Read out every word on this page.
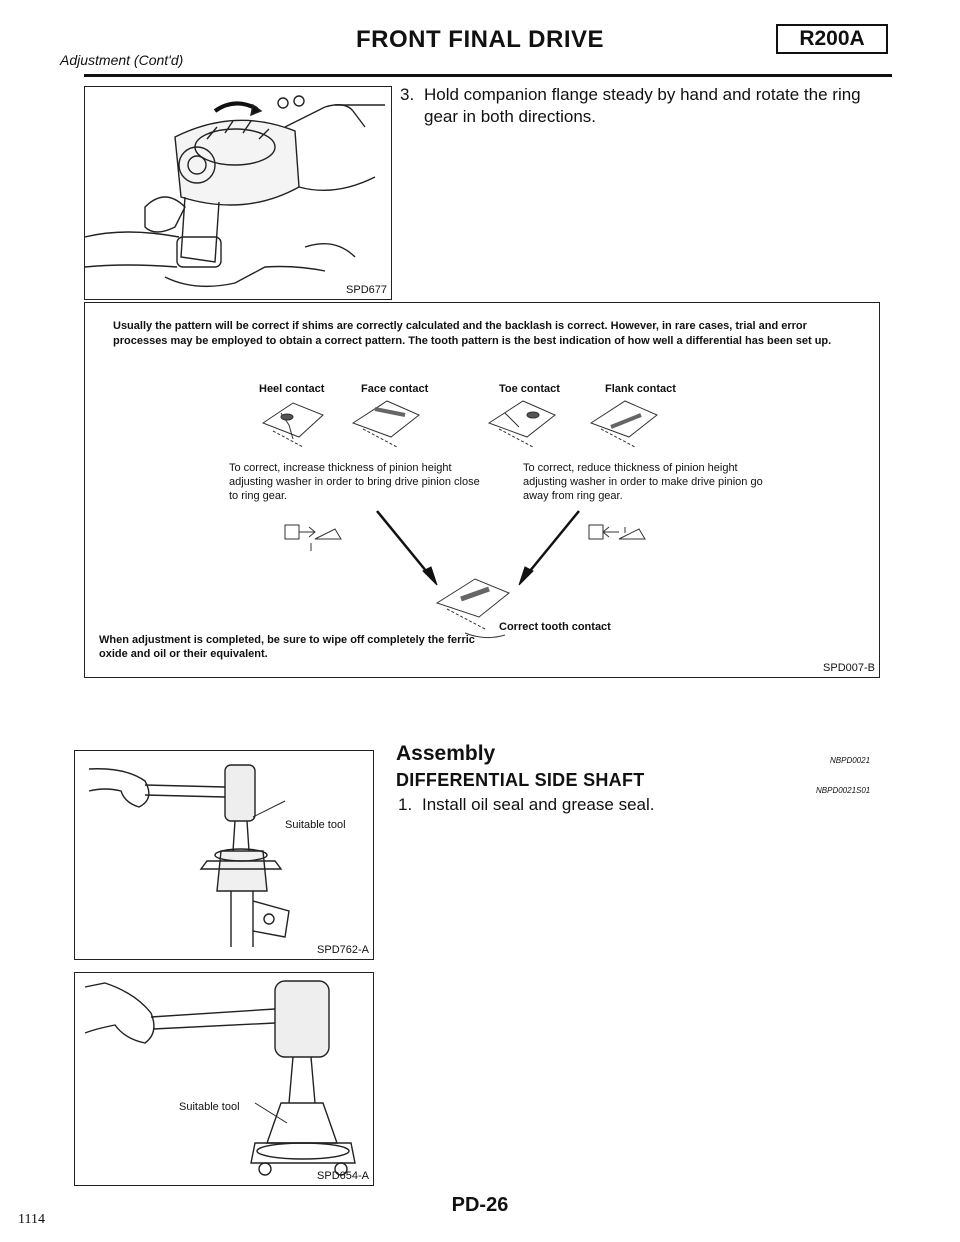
Adjustment (Cont'd)
FRONT FINAL DRIVE	R200A
SPD677
3. Hold companion flange steady by hand and rotate the ring gear in both directions.
Usually the pattern will be correct if shims are correctly calculated and the backlash is correct. However, in rare cases, trial and error processes may be employed to obtain a correct pattern. The tooth pattern is the best indication of how well a differential has been set up.
Heel contact	Face contact	Toe contact	Flank contact
To correct, increase thickness of pinion height adjusting washer in order to bring drive pinion close to ring gear.
To correct, reduce thickness of pinion height adjusting washer in order to make drive pinion go away from ring gear.
Correct tooth contact
When adjustment is completed, be sure to wipe off completely the ferric oxide and oil or their equivalent.
SPD007-B
Assembly	NBPD0021
DIFFERENTIAL SIDE SHAFT
NBPD0021S01
1. Install oil seal and grease seal.
Suitable tool
SPD762-A
Suitable tool
SPD654-A
PD-26
1114
